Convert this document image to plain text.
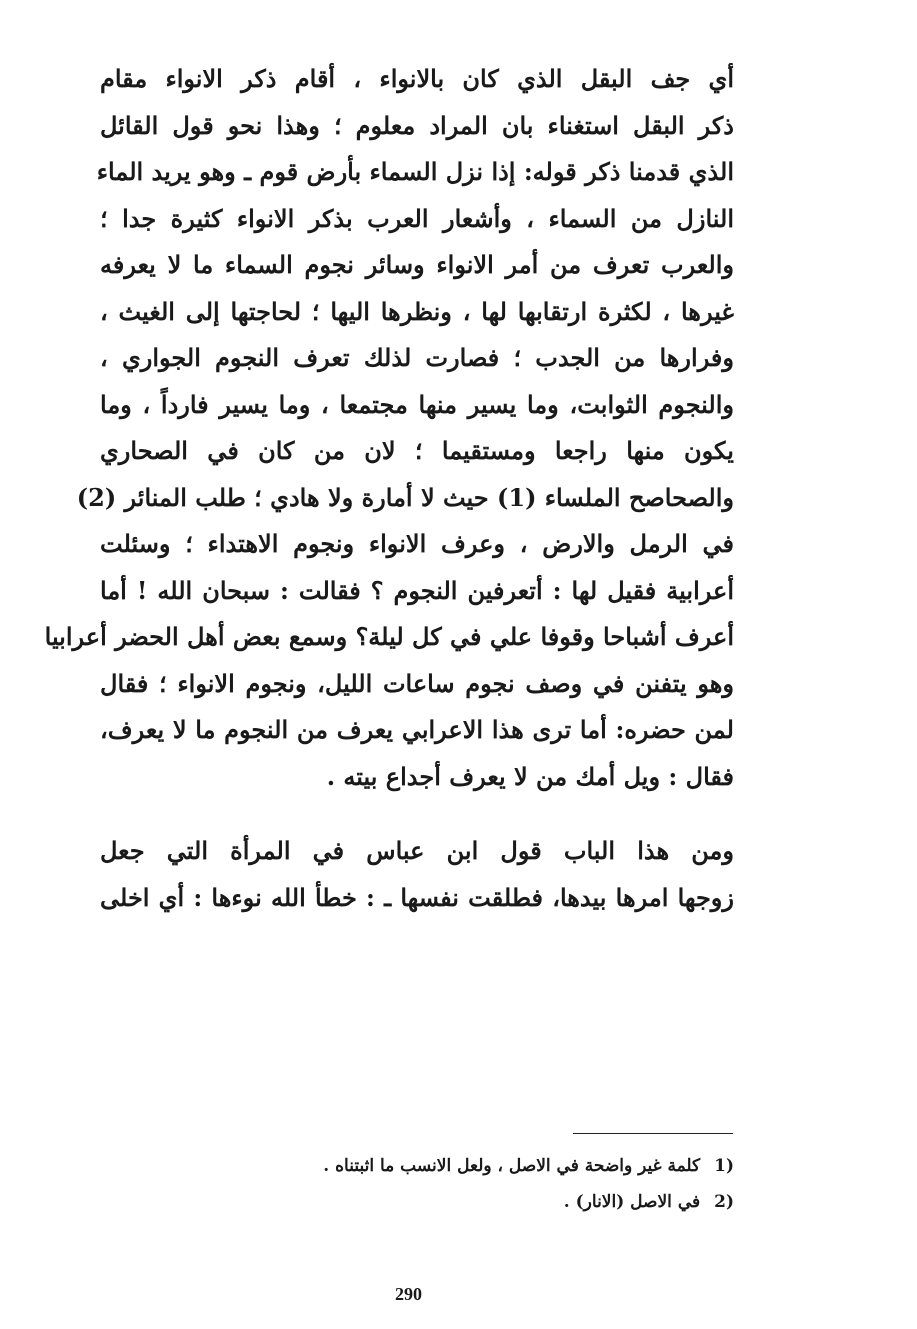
أي جف البقل الذي كان بالانواء ، أقام ذكر الانواء مقام
ذكر البقل استغناء بان المراد معلوم ؛ وهذا نحو قول القائل
الذي قدمنا ذكر قوله: إذا نزل السماء بأرض قوم ـ وهو يريد الماء
النازل من السماء ، وأشعار العرب بذكر الانواء كثيرة جدا ؛
والعرب تعرف من أمر الانواء وسائر نجوم السماء ما لا يعرفه
غيرها ، لكثرة ارتقابها لها ، ونظرها اليها ؛ لحاجتها إلى الغيث ،
وفرارها من الجدب ؛ فصارت لذلك تعرف النجوم الجواري ،
والنجوم الثوابت، وما يسير منها مجتمعا ، وما يسير فارداً ، وما
يكون منها راجعا ومستقيما ؛ لان من كان في الصحاري
والصحاصح الملساء (1) حيث لا أمارة ولا هادي ؛ طلب المنائر (2)
في الرمل والارض ، وعرف الانواء ونجوم الاهتداء ؛ وسئلت
أعرابية فقيل لها : أتعرفين النجوم ؟ فقالت : سبحان الله ! أما
أعرف أشباحا وقوفا علي في كل ليلة؟ وسمع بعض أهل الحضر أعرابيا
وهو يتفنن في وصف نجوم ساعات الليل، ونجوم الانواء ؛ فقال
لمن حضره: أما ترى هذا الاعرابي يعرف من النجوم ما لا يعرف،
فقال : ويل أمك من لا يعرف أجداع بيته .
ومن هذا الباب قول ابن عباس في المرأة التي جعل
زوجها امرها بيدها، فطلقت نفسها ـ : خطأ الله نوءها : أي اخلى
1)كلمة غير واضحة في الاصل ، ولعل الانسب ما اثبتناه .
2)في الاصل (الانار) .
290
